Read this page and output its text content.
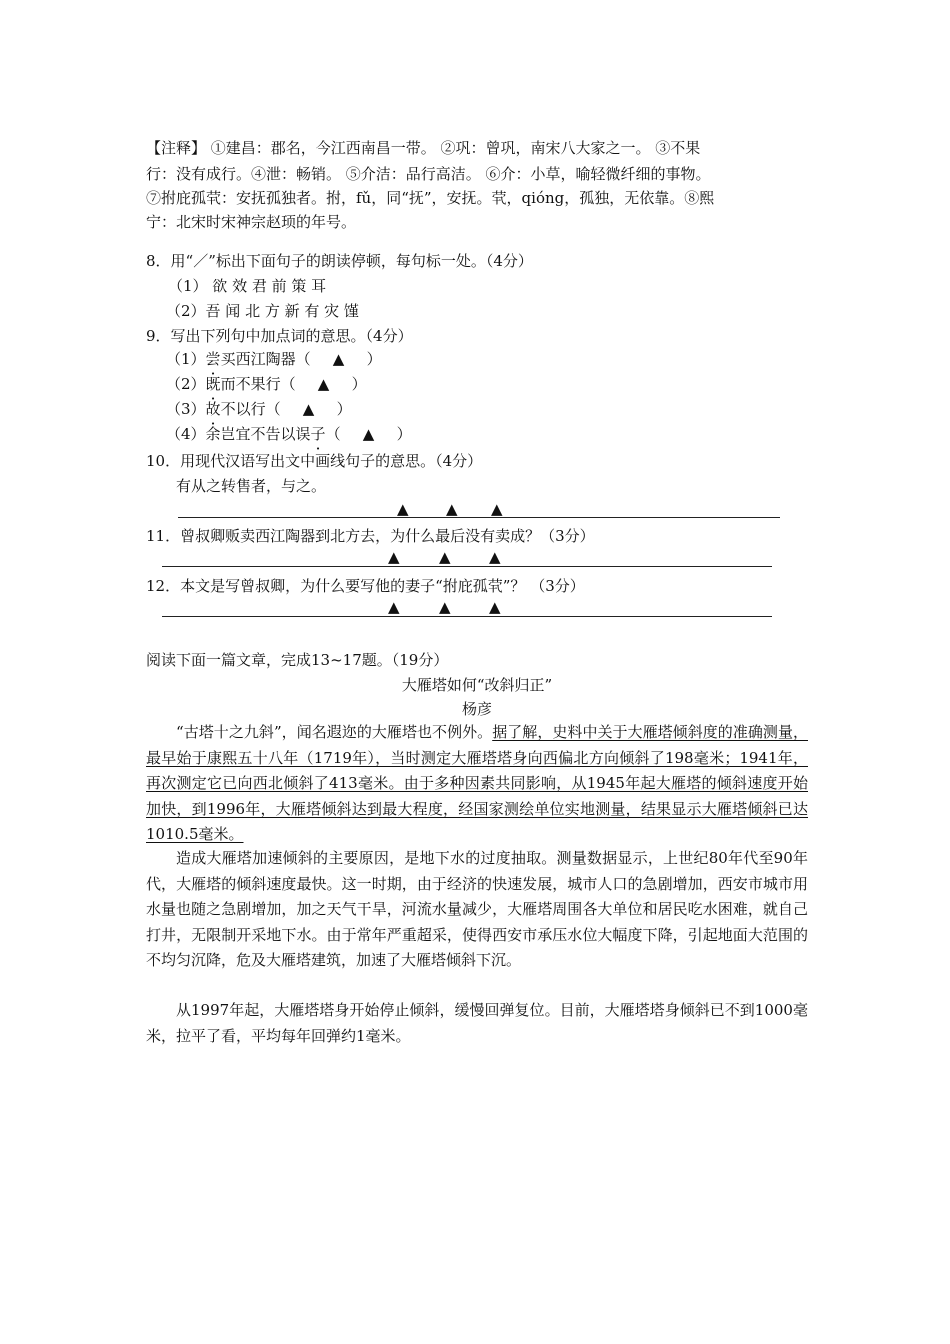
【注释】 ①建昌：郡名，今江西南昌一带。 ②巩：曾巩，南宋八大家之一。 ③不果
行：没有成行。④泄：畅销。 ⑤介洁：品行高洁。 ⑥介：小草，喻轻微纤细的事物。
⑦拊庇孤茕：安抚孤独者。拊，fǔ，同“抚”，安抚。茕，qióng，孤独，无依靠。⑧熙
宁：北宋时宋神宗赵顼的年号。
8．用“／”标出下面句子的朗读停顿，每句标一处。（4分）
（1） 欲 效 君 前 策 耳
（2）吾 闻 北 方 新 有 灾 馑
9．写出下列句中加点词的意思。（4分）
（1）尝买西江陶器（ ▲ ）
（2）既而不果行（ ▲ ）
（3）故不以行（ ▲ ）
（4）余岂宜不告以误子（ ▲ ）
10．用现代汉语写出文中画线句子的意思。（4分）
有从之转售者，与之。
▲ ▲ ▲
11．曾叔卿贩卖西江陶器到北方去，为什么最后没有卖成？（3分）
▲	▲	▲
12．本文是写曾叔卿，为什么要写他的妻子“拊庇孤茕”？ （3分）
▲	▲	▲
阅读下面一篇文章，完成13~17题。（19分）
大雁塔如何“改斜归正”
杨彦
“古塔十之九斜”，闻名遐迩的大雁塔也不例外。据了解，史料中关于大雁塔倾斜度的准确测量，最早始于康熙五十八年（1719年），当时测定大雁塔塔身向西偏北方向倾斜了198毫米；1941年，再次测定它已向西北倾斜了413毫米。由于多种因素共同影响，从1945年起大雁塔的倾斜速度开始加快，到1996年，大雁塔倾斜达到最大程度，经国家测绘单位实地测量，结果显示大雁塔倾斜已达1010.5毫米。
造成大雁塔加速倾斜的主要原因，是地下水的过度抽取。测量数据显示，上世纪80年代至90年代，大雁塔的倾斜速度最快。这一时期，由于经济的快速发展，城市人口的急剧增加，西安市城市用水量也随之急剧增加，加之天气干旱，河流水量减少，大雁塔周围各大单位和居民吃水困难，就自己打井，无限制开采地下水。由于常年严重超采，使得西安市承压水位大幅度下降，引起地面大范围的不均匀沉降，危及大雁塔建筑，加速了大雁塔倾斜下沉。
从1997年起，大雁塔塔身开始停止倾斜，缓慢回弹复位。目前，大雁塔塔身倾斜已不到1000毫米，拉平了看，平均每年回弹约1毫米。
